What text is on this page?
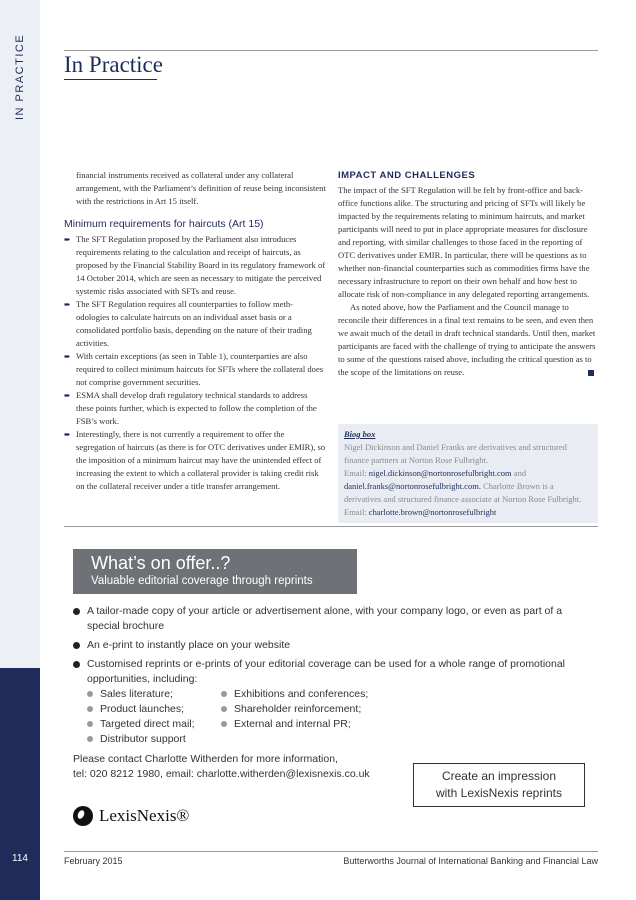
IN PRACTICE
114
In Practice

financial instruments received as collateral under any collateral arrangement, with the Parliament’s definition of reuse being inconsistent with the restrictions in Art 15 itself.

Minimum requirements for haircuts (Art 15)
➨ The SFT Regulation proposed by the Parliament also introduces requirements relating to the calculation and receipt of haircuts, as proposed by the Financial Stability Board in its regulatory framework of 14 October 2014, which are seen as necessary to mitigate the perceived systemic risks associated with SFTs and reuse.
➨ The SFT Regulation requires all counterparties to follow meth-odologies to calculate haircuts on an individual asset basis or a consolidated portfolio basis, depending on the nature of their trading activities.
➨ With certain exceptions (as seen in Table 1), counterparties are also required to collect minimum haircuts for SFTs where the collateral does not comprise government securities.
➨ ESMA shall develop draft regulatory technical standards to address these points further, which is expected to follow the completion of the FSB’s work.
➨ Interestingly, there is not currently a requirement to offer the segregation of haircuts (as there is for OTC derivatives under EMIR), so the imposition of a minimum haircut may have the unintended effect of increasing the extent to which a collateral provider is taking credit risk on the collateral receiver under a title transfer arrangement.
IMPACT AND CHALLENGES

The impact of the SFT Regulation will be felt by front-office and back-office functions alike. The structuring and pricing of SFTs will likely be impacted by the requirements relating to minimum haircuts, and market participants will need to put in place appropriate measures for disclosure and reporting, with similar challenges to those faced in the reporting of OTC derivatives under EMIR. In particular, there will be questions as to whether non-financial counterparties such as commodities firms have the necessary infrastructure to report on their own behalf and how best to allocate risk of non-compliance in any delegated reporting arrangements.

As noted above, how the Parliament and the Council manage to reconcile their differences in a final text remains to be seen, and even then we await much of the detail in draft technical standards. Until then, market participants are faced with the challenge of trying to anticipate the answers to some of the questions raised above, including the critical question as to the scope of the limitations on reuse.

Biog box
Nigel Dickinson and Daniel Franks are derivatives and structured finance partners at Norton Rose Fulbright.
Email: nigel.dickinson@nortonrosefulbright.com and
daniel.franks@nortonrosefulbright.com. Charlotte Brown is a derivatives and structured finance associate at Norton Rose Fulbright. Email: charlotte.brown@nortonrosefulbright
What’s on offer..?
Valuable editorial coverage through reprints
A tailor-made copy of your article or advertisement alone, with your company logo, or even as part of a special brochure
An e-print to instantly place on your website
Customised reprints or e-prints of your editorial coverage can be used for a whole range of promotional opportunities, including:
Sales literature;	Exhibitions and conferences;
Product launches;	Shareholder reinforcement;
Targeted direct mail;	External and internal PR;
Distributor support
Please contact Charlotte Witherden for more information,
tel: 020 8212 1980, email: charlotte.witherden@lexisnexis.co.uk	Create an impression
with LexisNexis reprints
LexisNexis®
February 2015	Butterworths Journal of International Banking and Financial Law
